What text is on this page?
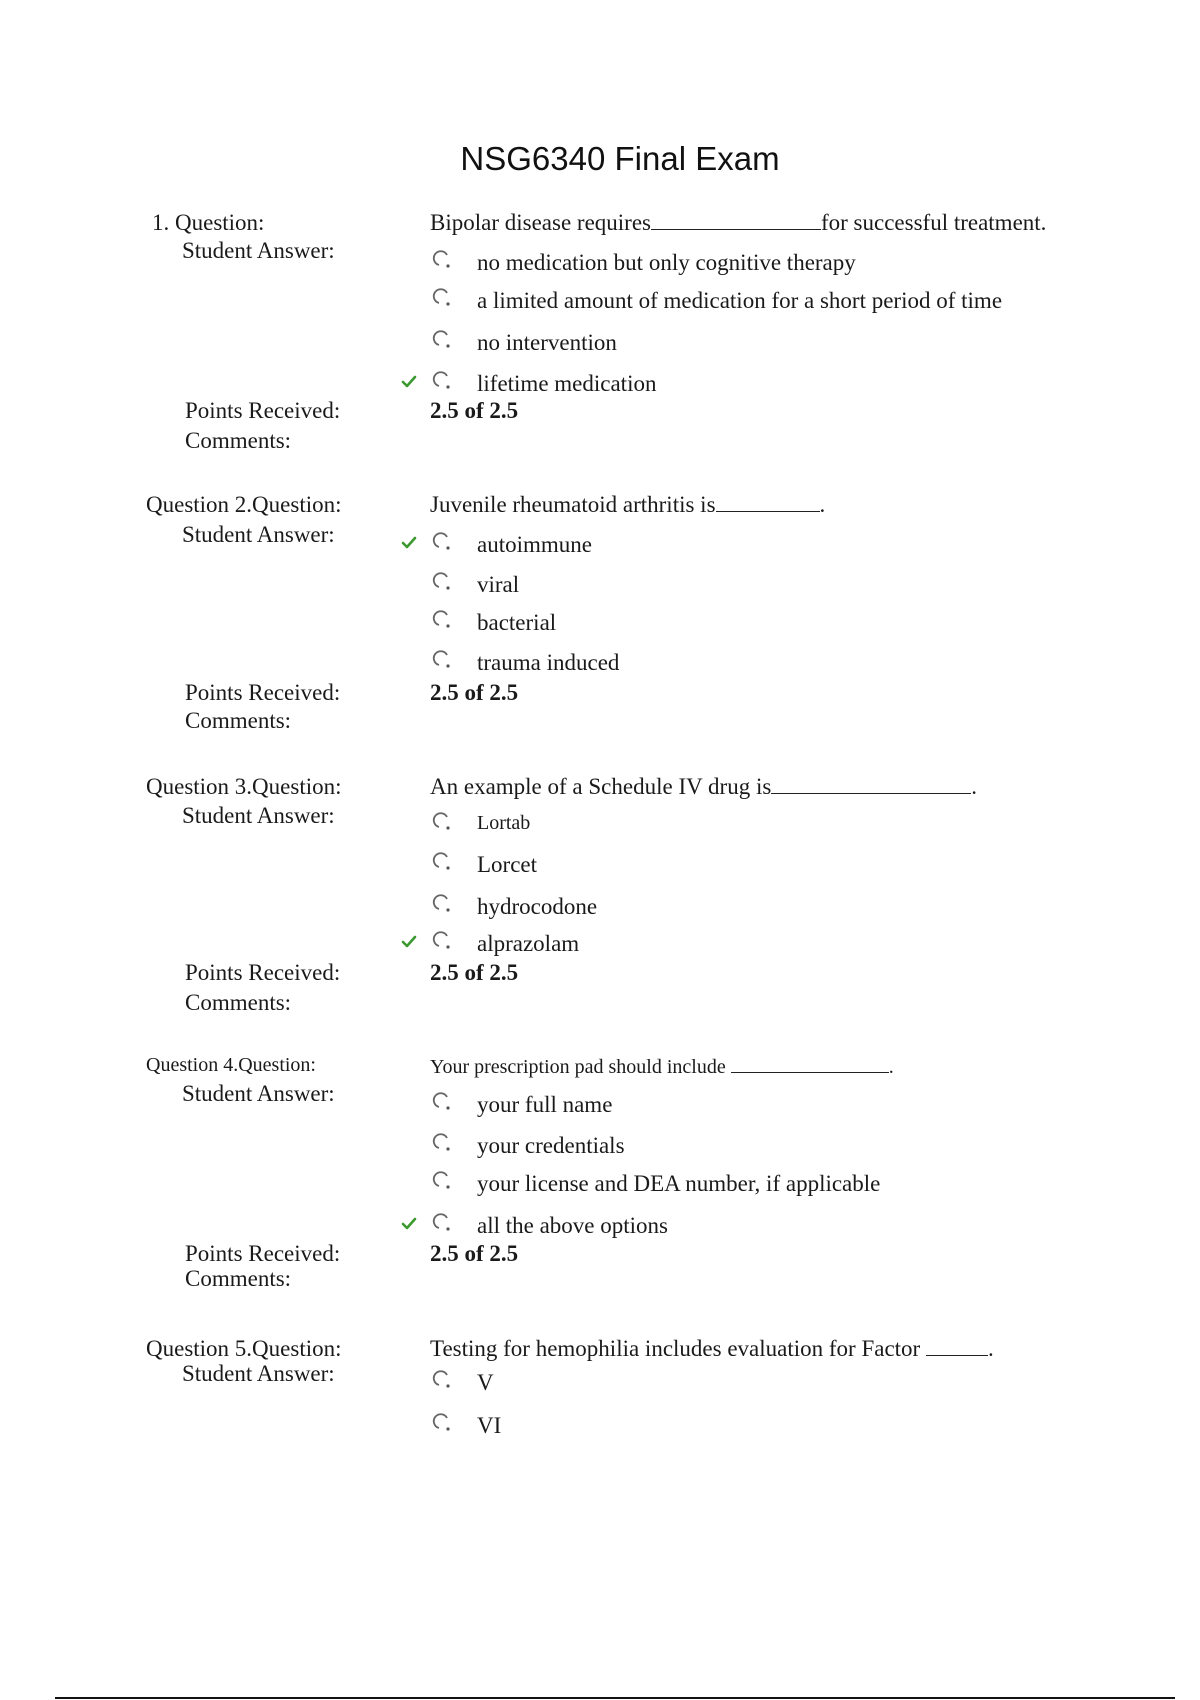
NSG6340 Final Exam
1. Question:
Student Answer:
Bipolar disease requires	for successful treatment.
no medication but only cognitive therapy
a limited amount of medication for a short period of time
no intervention
lifetime medication
Points Received:	2.5 of 2.5
Comments:
Question 2.Question:
Student Answer:
Juvenile rheumatoid arthritis is	.
autoimmune
viral
bacterial
trauma induced
Points Received:	2.5 of 2.5
Comments:
Question 3.Question:
Student Answer:
An example of a Schedule IV drug is	.
Lortab
Lorcet
hydrocodone
alprazolam
Points Received:	2.5 of 2.5
Comments:
Question 4.Question:
Student Answer:
Your prescription pad should include	.
your full name
your credentials
your license and DEA number, if applicable
all the above options
Points Received:	2.5 of 2.5
Comments:
Question 5.Question:
Student Answer:
Testing for hemophilia includes evaluation for Factor	.
V
VI
